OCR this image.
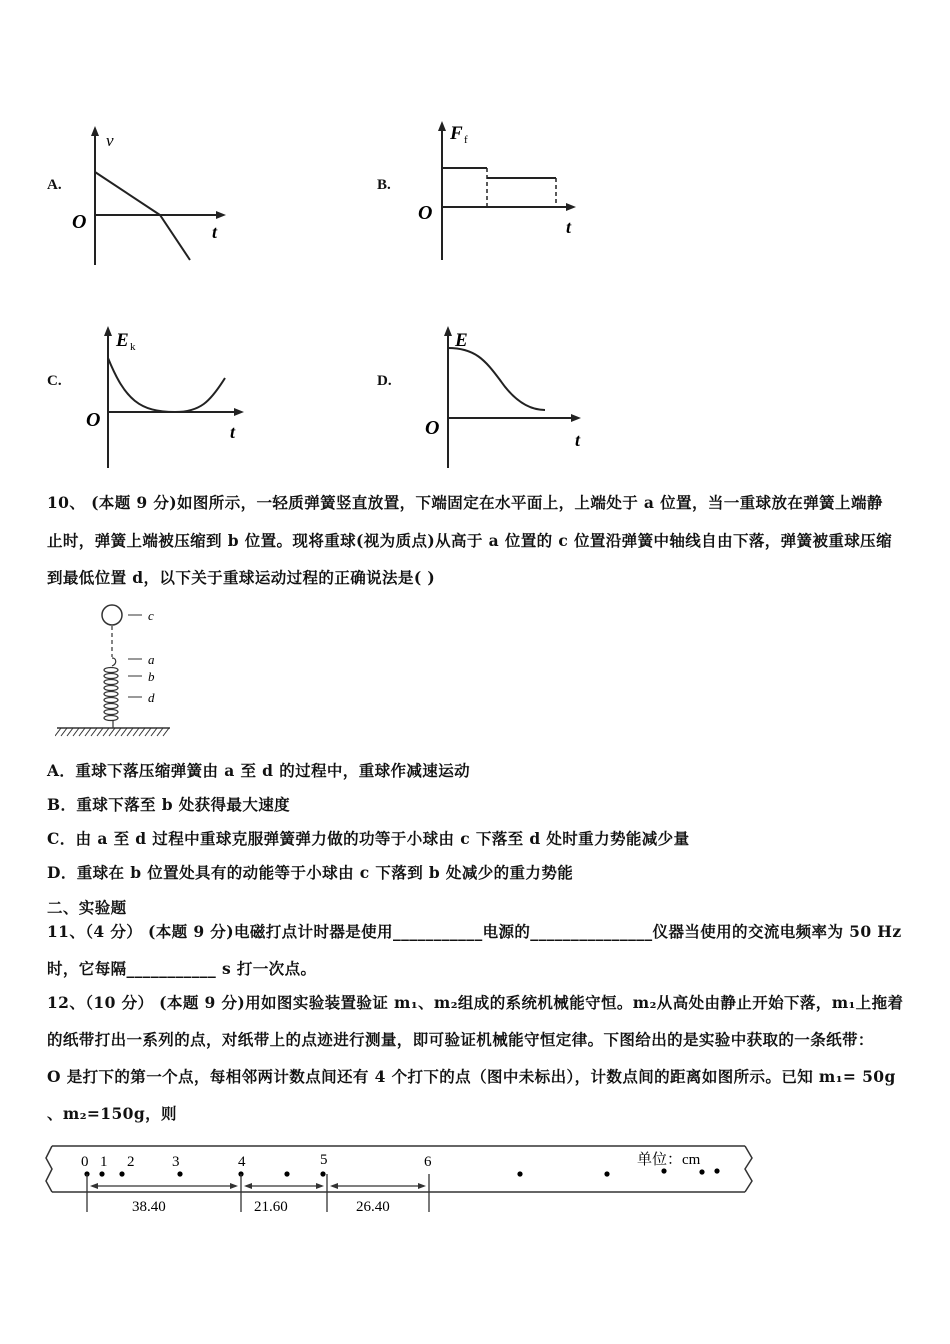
A.
v
O	t
B.
F f
O
t
C.
E k
O
t
D.
E
O
t
10、 (本题 9 分)如图所示，一轻质弹簧竖直放置，下端固定在水平面上，上端处于 a 位置，当一重球放在弹簧上端静
止时，弹簧上端被压缩到 b 位置。现将重球(视为质点)从高于 a 位置的 c 位置沿弹簧中轴线自由下落，弹簧被重球压缩
到最低位置 d，以下关于重球运动过程的正确说法是( )
c
a
b
d
A．重球下落压缩弹簧由 a 至 d 的过程中，重球作减速运动
B．重球下落至 b 处获得最大速度
C．由 a 至 d 过程中重球克服弹簧弹力做的功等于小球由 c 下落至 d 处时重力势能减少量
D．重球在 b 位置处具有的动能等于小球由 c 下落到 b 处减少的重力势能
二、实验题
11、（4 分） (本题 9 分)电磁打点计时器是使用___________电源的_______________仪器当使用的交流电频率为 50 Hz
时，它每隔___________ s 打一次点。
12、（10 分） (本题 9 分)用如图实验装置验证 m₁、m₂组成的系统机械能守恒。m₂从高处由静止开始下落，m₁上拖着
的纸带打出一系列的点，对纸带上的点迹进行测量，即可验证机械能守恒定律。下图给出的是实验中获取的一条纸带：
O 是打下的第一个点，每相邻两计数点间还有 4 个打下的点（图中未标出），计数点间的距离如图所示。已知 m₁= 50g
、m₂=150g，则
0 1 2	3	4	5	6	单位：cm
38.40	21.60	26.40
